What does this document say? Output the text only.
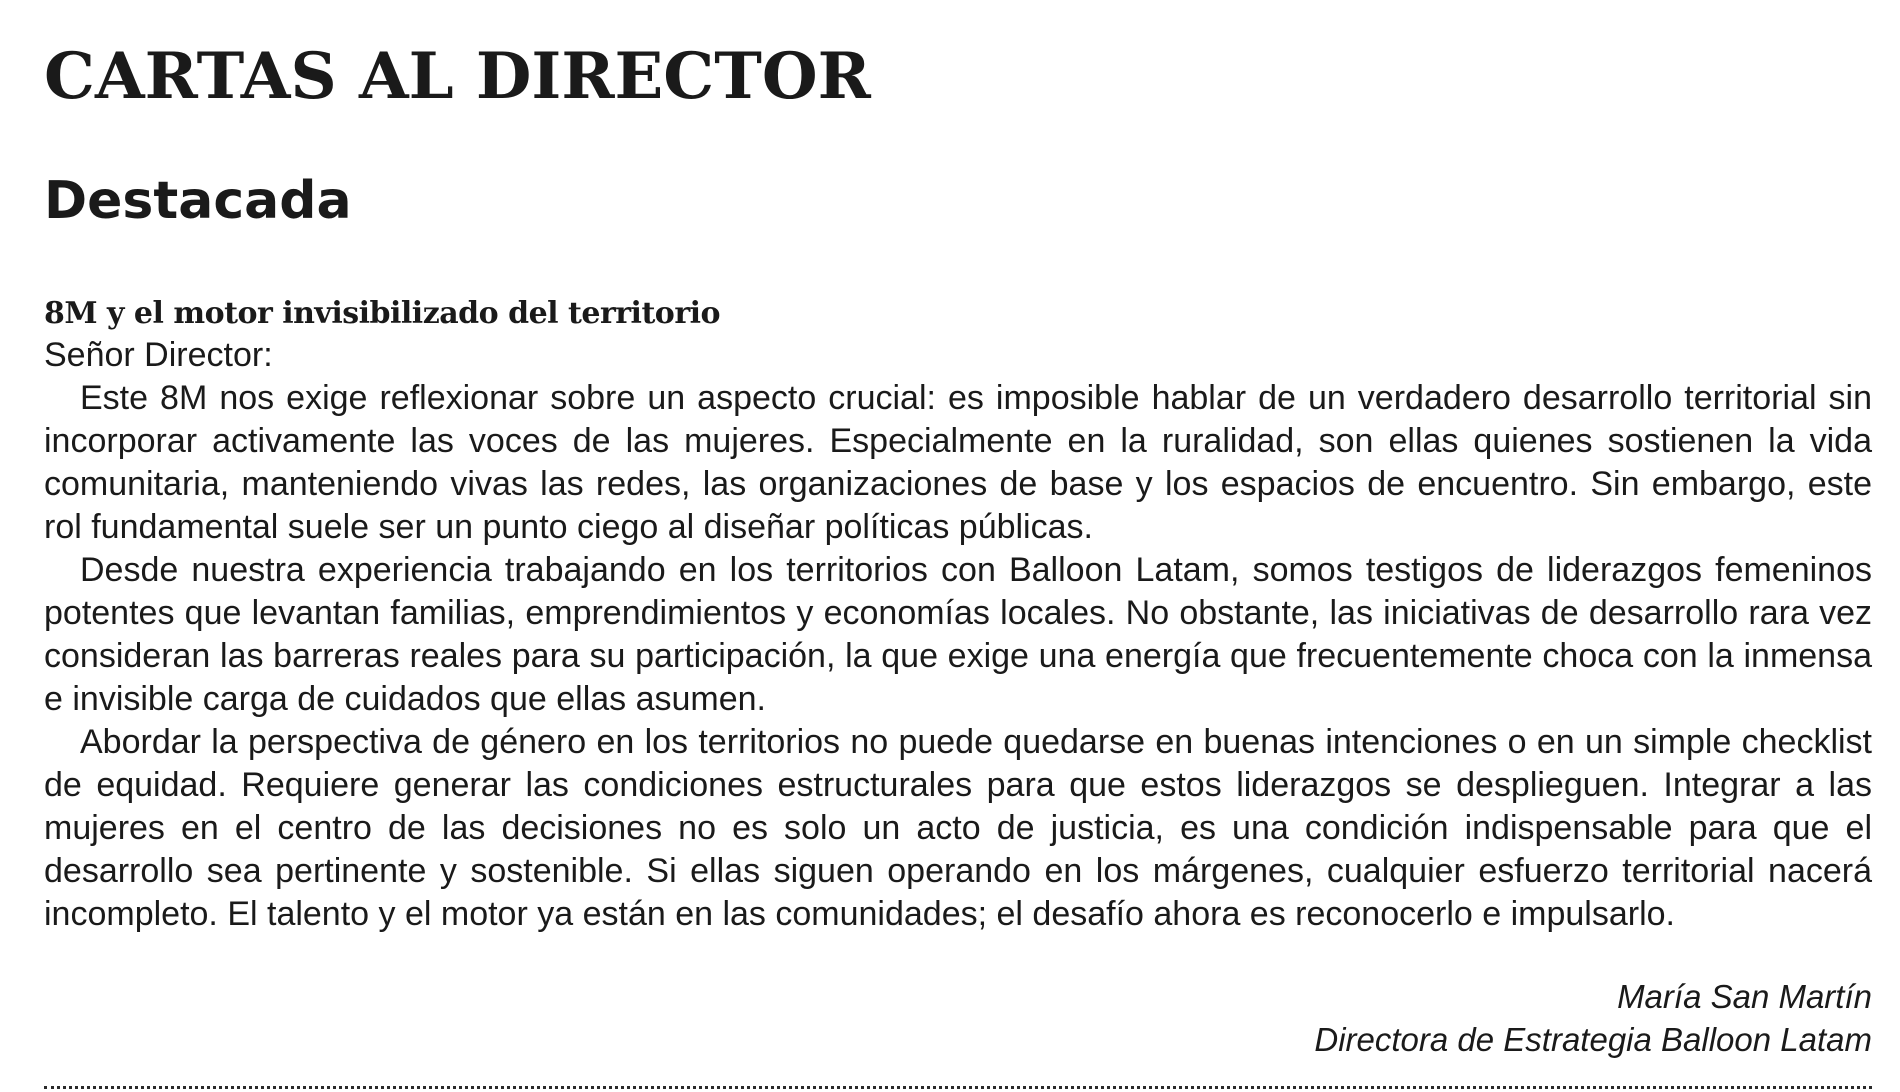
CARTAS AL DIRECTOR
Destacada
8M y el motor invisibilizado del territorio

Señor Director:

Este 8M nos exige reflexionar sobre un aspecto crucial: es imposible hablar de un verdadero desarrollo territorial sin incorporar activamente las voces de las mujeres. Especialmente en la ruralidad, son ellas quienes sostienen la vida comunitaria, manteniendo vivas las redes, las organizaciones de base y los espacios de encuentro. Sin embargo, este rol fundamental suele ser un punto ciego al diseñar políticas públicas.

Desde nuestra experiencia trabajando en los territorios con Balloon Latam, somos testigos de liderazgos femeninos potentes que levantan familias, emprendimientos y economías locales. No obstante, las iniciativas de desarrollo rara vez consideran las barreras reales para su participación, la que exige una energía que frecuentemente choca con la inmensa e invisible carga de cuidados que ellas asumen.

Abordar la perspectiva de género en los territorios no puede quedarse en buenas intenciones o en un simple checklist de equidad. Requiere generar las condiciones estructurales para que estos liderazgos se desplieguen. Integrar a las mujeres en el centro de las decisiones no es solo un acto de justicia, es una condición indispensable para que el desarrollo sea pertinente y sostenible. Si ellas siguen operando en los márgenes, cualquier esfuerzo territorial nacerá incompleto. El talento y el motor ya están en las comunidades; el desafío ahora es reconocerlo e impulsarlo.

María San Martín
Directora de Estrategia Balloon Latam
